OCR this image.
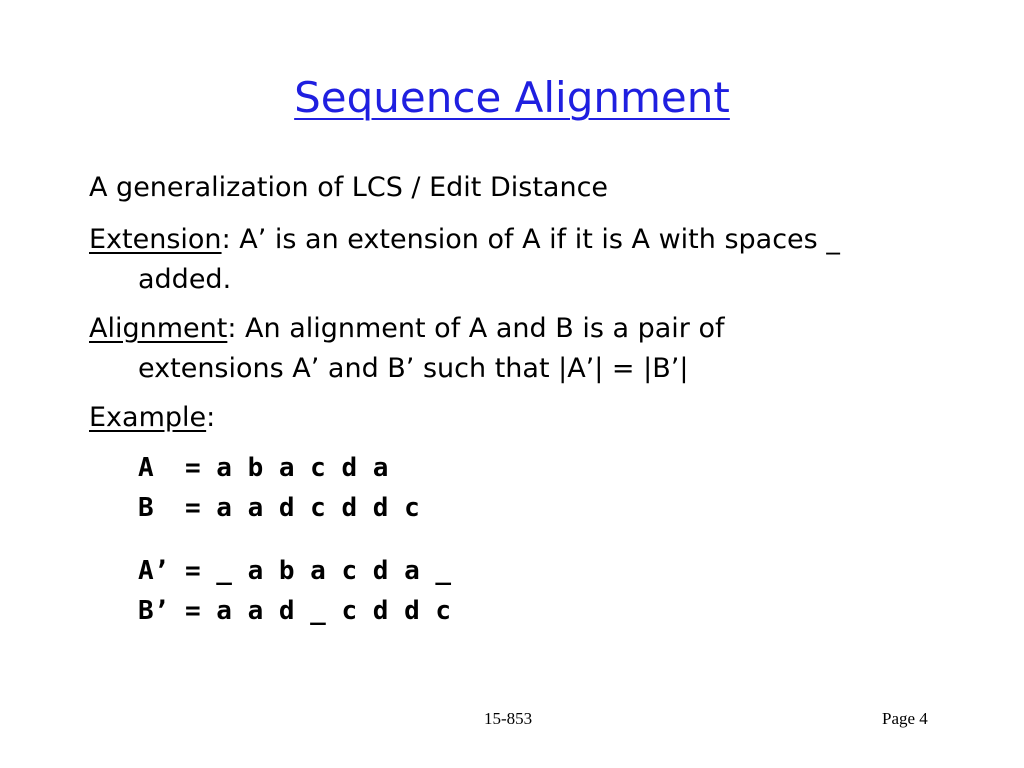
Sequence Alignment
A generalization of LCS / Edit Distance
Extension: A’ is an extension of A if it is A with spaces _ added.
Alignment: An alignment of A and B is a pair of extensions A’ and B’ such that |A’| = |B’|
Example:
A  = a b a c d a
B  = a a d c d d c
A’ = _ a b a c d a _
B’ = a a d _ c d d c
15-853	Page 4
